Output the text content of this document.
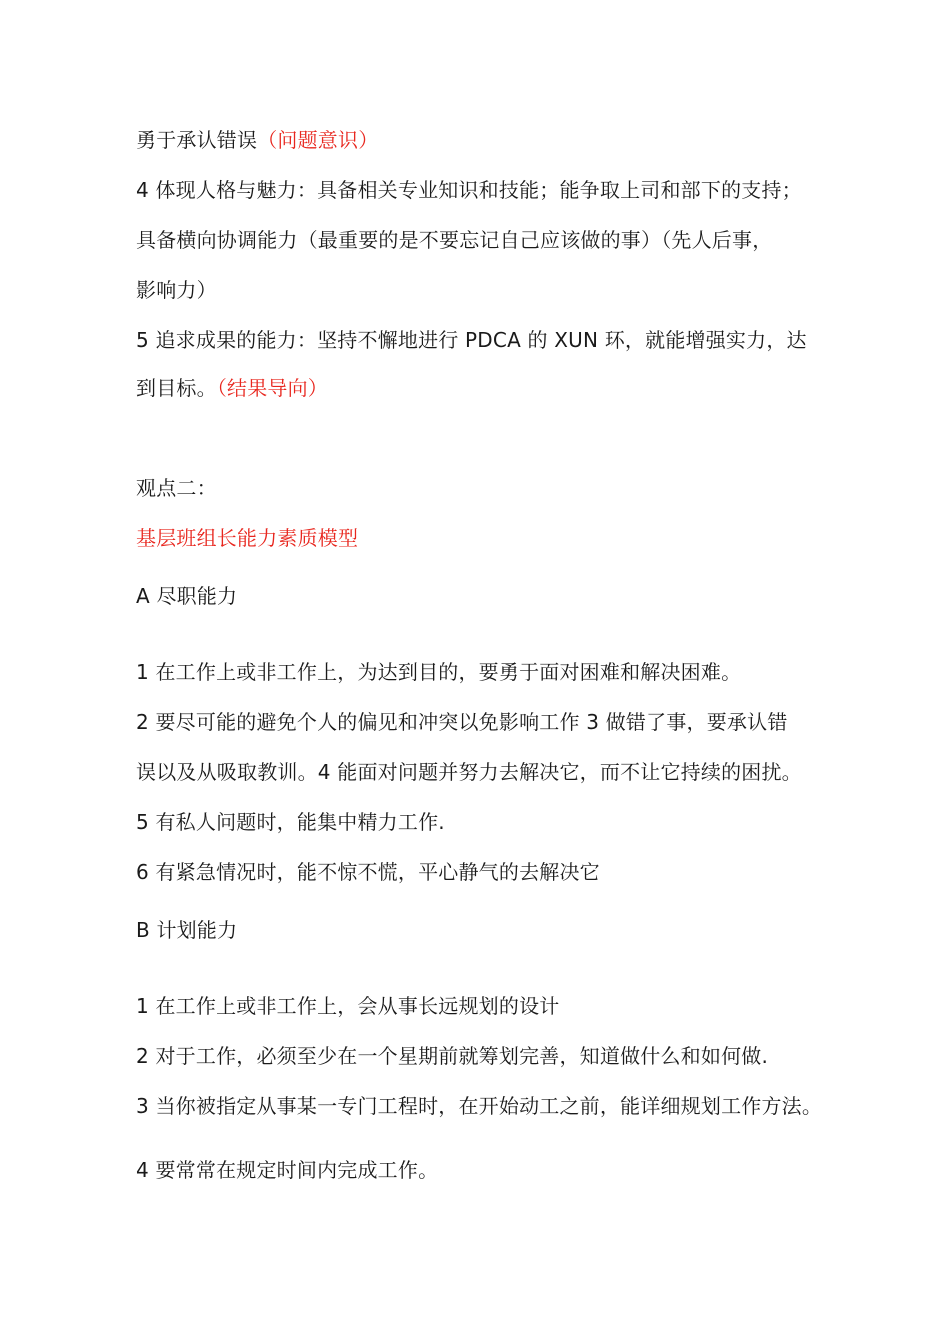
勇于承认错误（问题意识）
4 体现人格与魅力：具备相关专业知识和技能；能争取上司和部下的支持；
具备横向协调能力（最重要的是不要忘记自己应该做的事）（先人后事，
影响力）
5 追求成果的能力：坚持不懈地进行 PDCA 的 XUN 环，就能增强实力，达
到目标。（结果导向）
观点二：
基层班组长能力素质模型
A 尽职能力
1 在工作上或非工作上，为达到目的，要勇于面对困难和解决困难。
2 要尽可能的避免个人的偏见和冲突以免影响工作 3 做错了事，要承认错
误以及从吸取教训。4 能面对问题并努力去解决它，而不让它持续的困扰。
5 有私人问题时，能集中精力工作.
6 有紧急情况时，能不惊不慌，平心静气的去解决它
B 计划能力
1 在工作上或非工作上，会从事长远规划的设计
2 对于工作，必须至少在一个星期前就筹划完善，知道做什么和如何做.
3 当你被指定从事某一专门工程时，在开始动工之前，能详细规划工作方法。
4 要常常在规定时间内完成工作。
